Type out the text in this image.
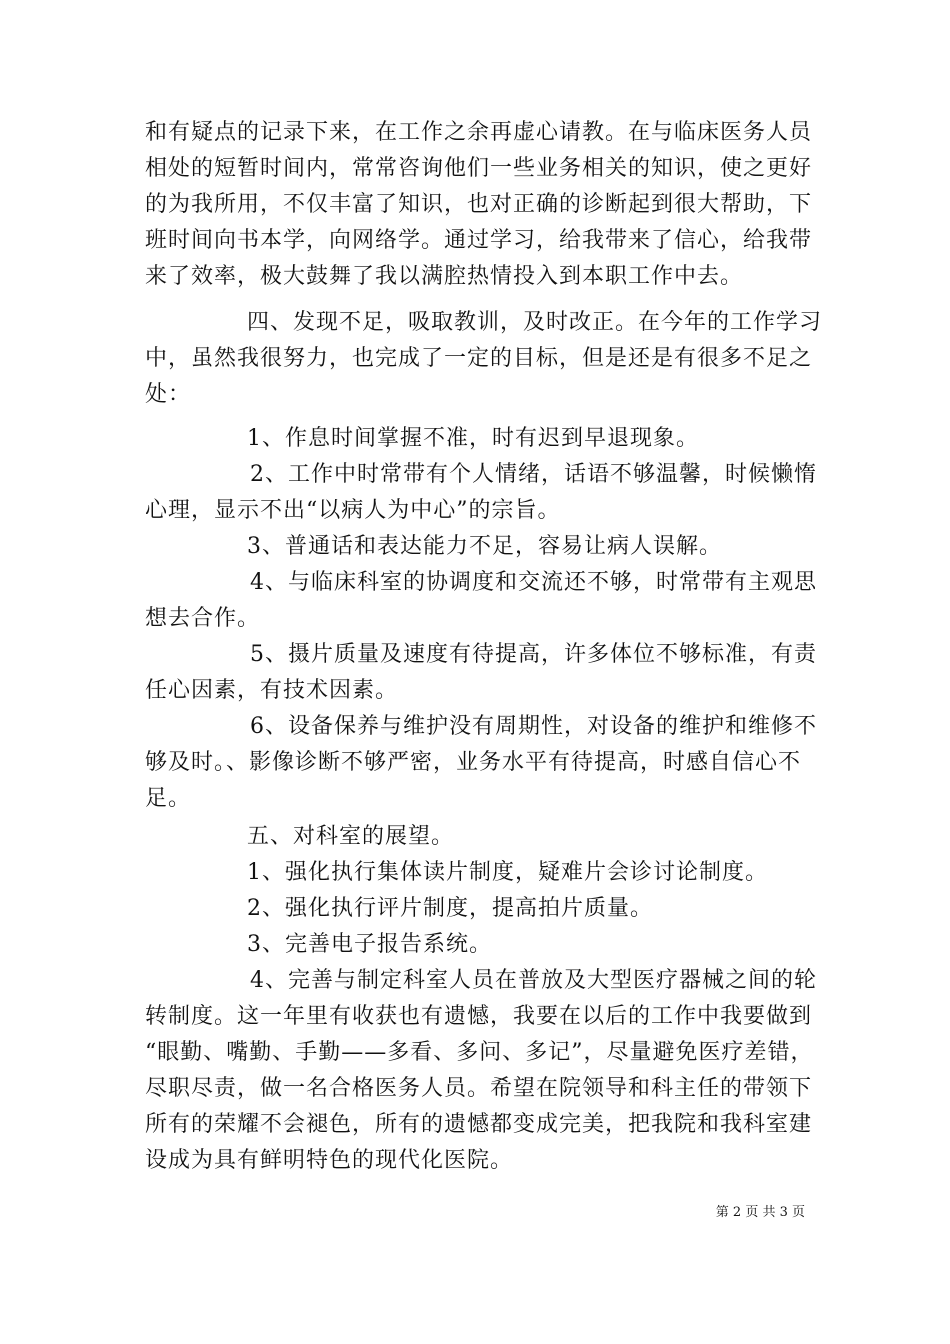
和有疑点的记录下来，在工作之余再虚心请教。在与临床医务人员
相处的短暂时间内，常常咨询他们一些业务相关的知识，使之更好
的为我所用，不仅丰富了知识，也对正确的诊断起到很大帮助，下
班时间向书本学，向网络学。通过学习，给我带来了信心，给我带
来了效率，极大鼓舞了我以满腔热情投入到本职工作中去。
四、发现不足，吸取教训，及时改正。在今年的工作学习
中，虽然我很努力，也完成了一定的目标，但是还是有很多不足之
处：
1、作息时间掌握不准，时有迟到早退现象。
2、工作中时常带有个人情绪，话语不够温馨，时候懒惰
心理，显示不出“以病人为中心”的宗旨。
3、普通话和表达能力不足，容易让病人误解。
4、与临床科室的协调度和交流还不够，时常带有主观思
想去合作。
5、摄片质量及速度有待提高，许多体位不够标准，有责
任心因素，有技术因素。
6、设备保养与维护没有周期性，对设备的维护和维修不
够及时。、影像诊断不够严密，业务水平有待提高，时感自信心不
足。
五、对科室的展望。
1、强化执行集体读片制度，疑难片会诊讨论制度。
2、强化执行评片制度，提高拍片质量。
3、完善电子报告系统。
4、完善与制定科室人员在普放及大型医疗器械之间的轮
转制度。这一年里有收获也有遗憾，我要在以后的工作中我要做到
“眼勤、嘴勤、手勤——多看、多问、多记”，尽量避免医疗差错，
尽职尽责，做一名合格医务人员。希望在院领导和科主任的带领下
所有的荣耀不会褪色，所有的遗憾都变成完美，把我院和我科室建
设成为具有鲜明特色的现代化医院。
第 2 页 共 3 页
